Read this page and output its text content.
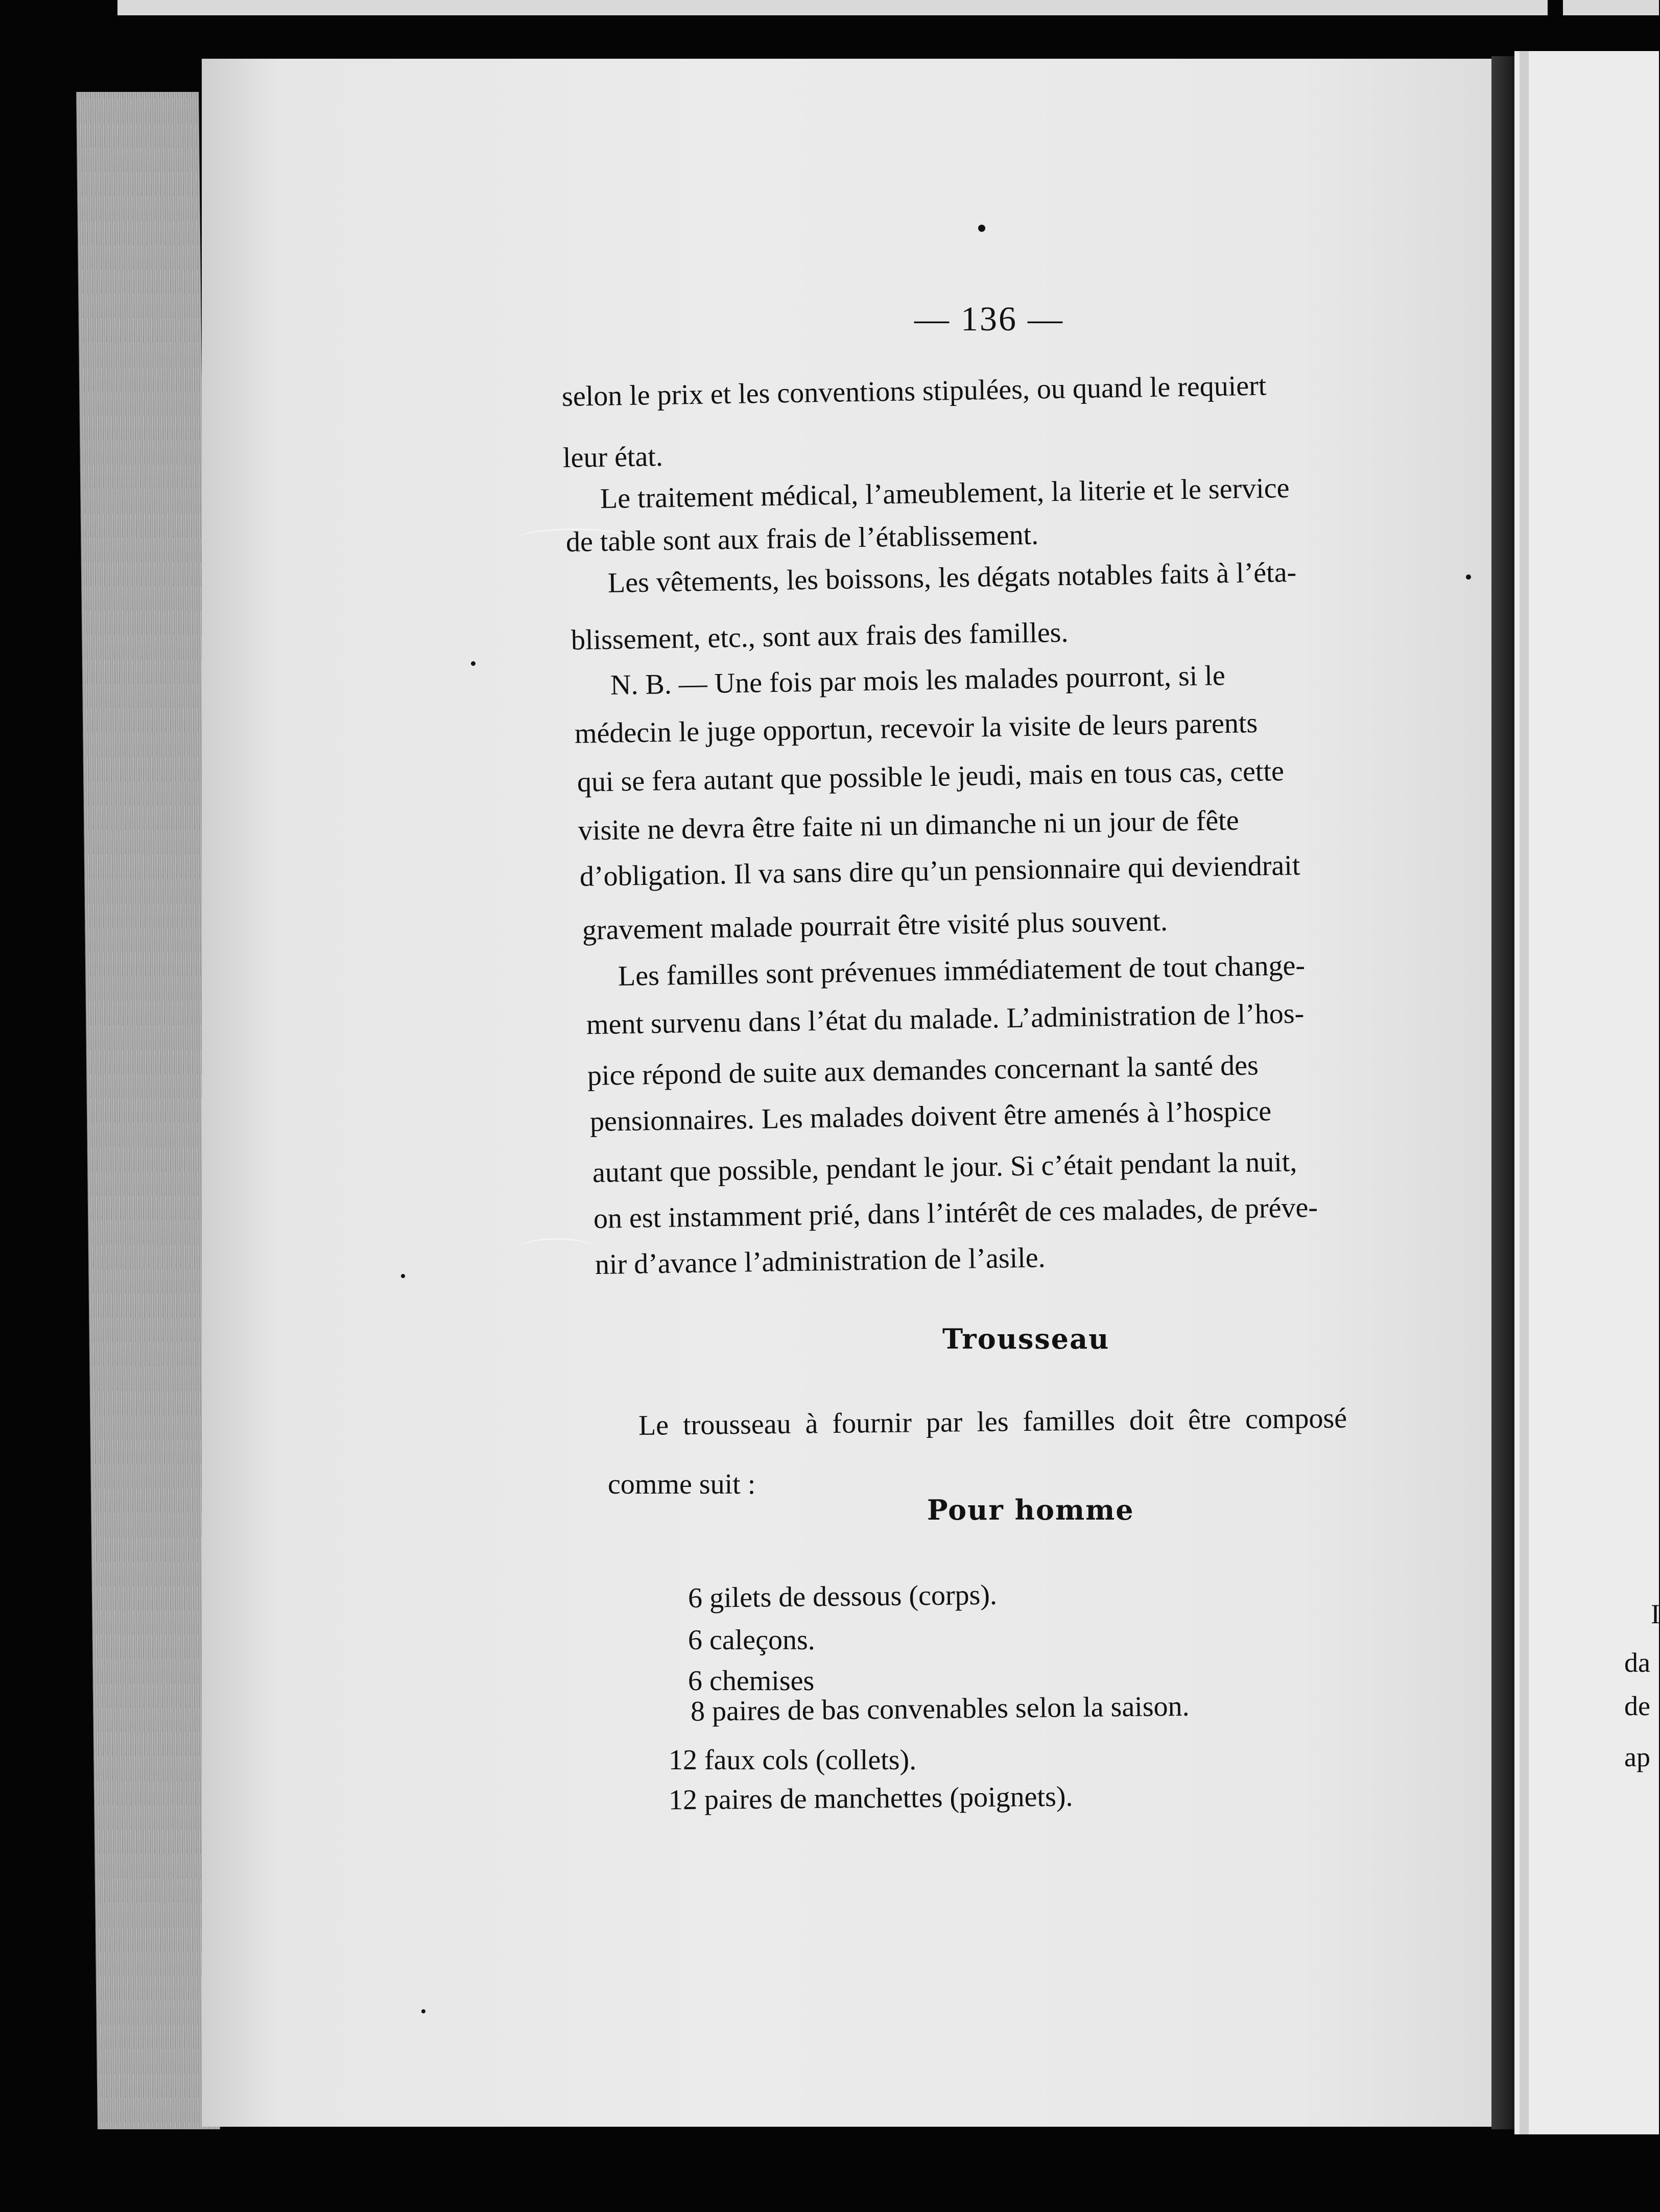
— 136 —
selon le prix et les conventions stipulées, ou quand le requiert
leur état.
Le traitement médical, l’ameublement, la literie et le service
de table sont aux frais de l’établissement.
Les vêtements, les boissons, les dégats notables faits à l’éta-
blissement, etc., sont aux frais des familles.
N. B. — Une fois par mois les malades pourront, si le
médecin le juge opportun, recevoir la visite de leurs parents
qui se fera autant que possible le jeudi, mais en tous cas, cette
visite ne devra être faite ni un dimanche ni un jour de fête
d’obligation. Il va sans dire qu’un pensionnaire qui deviendrait
gravement malade pourrait être visité plus souvent.
Les familles sont prévenues immédiatement de tout change-
ment survenu dans l’état du malade. L’administration de l’hos-
pice répond de suite aux demandes concernant la santé des
pensionnaires. Les malades doivent être amenés à l’hospice
autant que possible, pendant le jour. Si c’était pendant la nuit,
on est instamment prié, dans l’intérêt de ces malades, de préve-
nir d’avance l’administration de l’asile.
Trousseau
Le trousseau à fournir par les familles doit être composé
comme suit :
Pour homme
6 gilets de dessous (corps).
6 caleçons.
6 chemises
8 paires de bas convenables selon la saison.
12 faux cols (collets).
12 paires de manchettes (poignets).
I
da
de
ap
